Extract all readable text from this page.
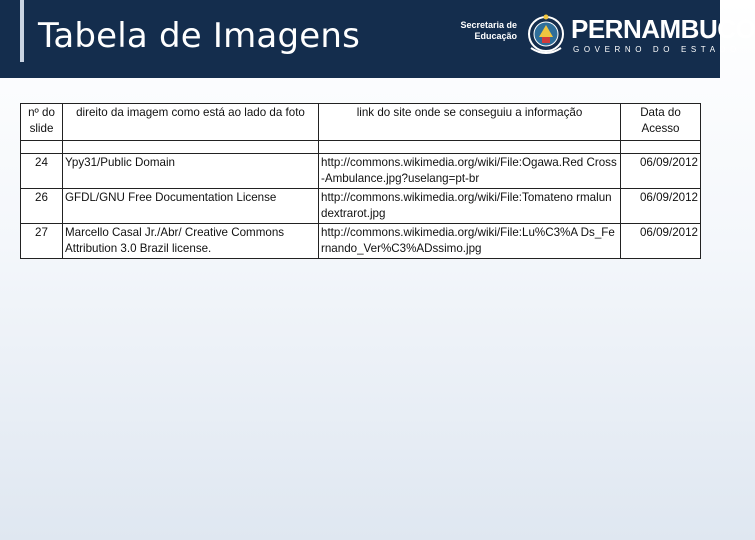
Tabela de Imagens	Secretaria de Educação PERNAMBUCO
GOVERNO DO ESTADO
nº do slide	direito da imagem como está ao lado da foto	link do site onde se conseguiu a informação	Data do Acesso

24	Ypy31/Public Domain	http://commons.wikimedia.org/wiki/File:Ogawa.Red Cross-Ambulance.jpg?uselang=pt-br	06/09/2012
26	GFDL/GNU Free Documentation License	http://commons.wikimedia.org/wiki/File:Tomateno rmalundextrarot.jpg	06/09/2012
27	Marcello Casal Jr./Abr/ Creative Commons Attribution 3.0 Brazil license.	http://commons.wikimedia.org/wiki/File:Lu%C3%A Ds_Fernando_Ver%C3%ADssimo.jpg	06/09/2012
